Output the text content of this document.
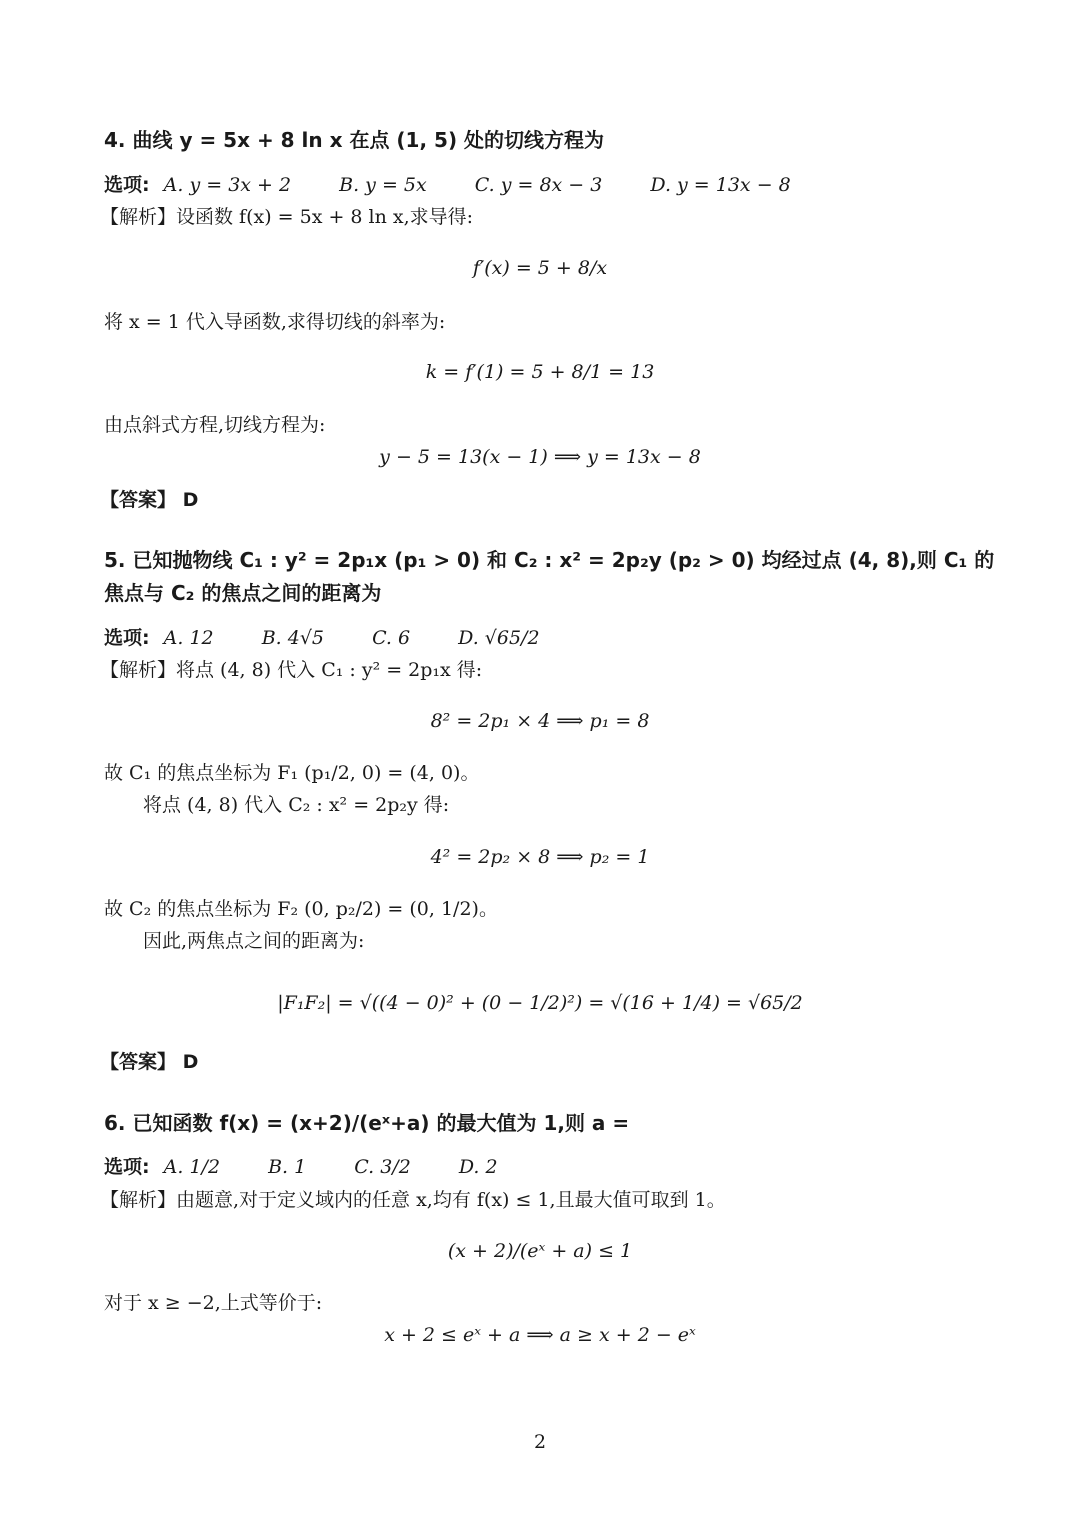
4. 曲线 y = 5x + 8 ln x 在点 (1, 5) 处的切线方程为
选项: A. y = 3x + 2	B. y = 5x	C. y = 8x − 3	D. y = 13x − 8
【解析】设函数 f(x) = 5x + 8 ln x,求导得:
f′(x) = 5 + 8/x
将 x = 1 代入导函数,求得切线的斜率为:
k = f′(1) = 5 + 8/1 = 13
由点斜式方程,切线方程为:
y − 5 = 13(x − 1) ⟹ y = 13x − 8
【答案】 D
5. 已知抛物线 C₁ : y² = 2p₁x (p₁ > 0) 和 C₂ : x² = 2p₂y (p₂ > 0) 均经过点 (4, 8),则 C₁ 的
焦点与 C₂ 的焦点之间的距离为
选项: A. 12	B. 4√5	C. 6	D. √65/2
【解析】将点 (4, 8) 代入 C₁ : y² = 2p₁x 得:
8² = 2p₁ × 4 ⟹ p₁ = 8
故 C₁ 的焦点坐标为 F₁ (p₁/2, 0) = (4, 0)。
将点 (4, 8) 代入 C₂ : x² = 2p₂y 得:
4² = 2p₂ × 8 ⟹ p₂ = 1
故 C₂ 的焦点坐标为 F₂ (0, p₂/2) = (0, 1/2)。
因此,两焦点之间的距离为:
|F₁F₂| = √((4 − 0)² + (0 − 1/2)²) = √(16 + 1/4) = √65/2
【答案】 D
6. 已知函数 f(x) = (x+2)/(eˣ+a) 的最大值为 1,则 a =
选项: A. 1/2	B. 1	C. 3/2	D. 2
【解析】由题意,对于定义域内的任意 x,均有 f(x) ≤ 1,且最大值可取到 1。
(x + 2)/(eˣ + a) ≤ 1
对于 x ≥ −2,上式等价于:
x + 2 ≤ eˣ + a ⟹ a ≥ x + 2 − eˣ
2
